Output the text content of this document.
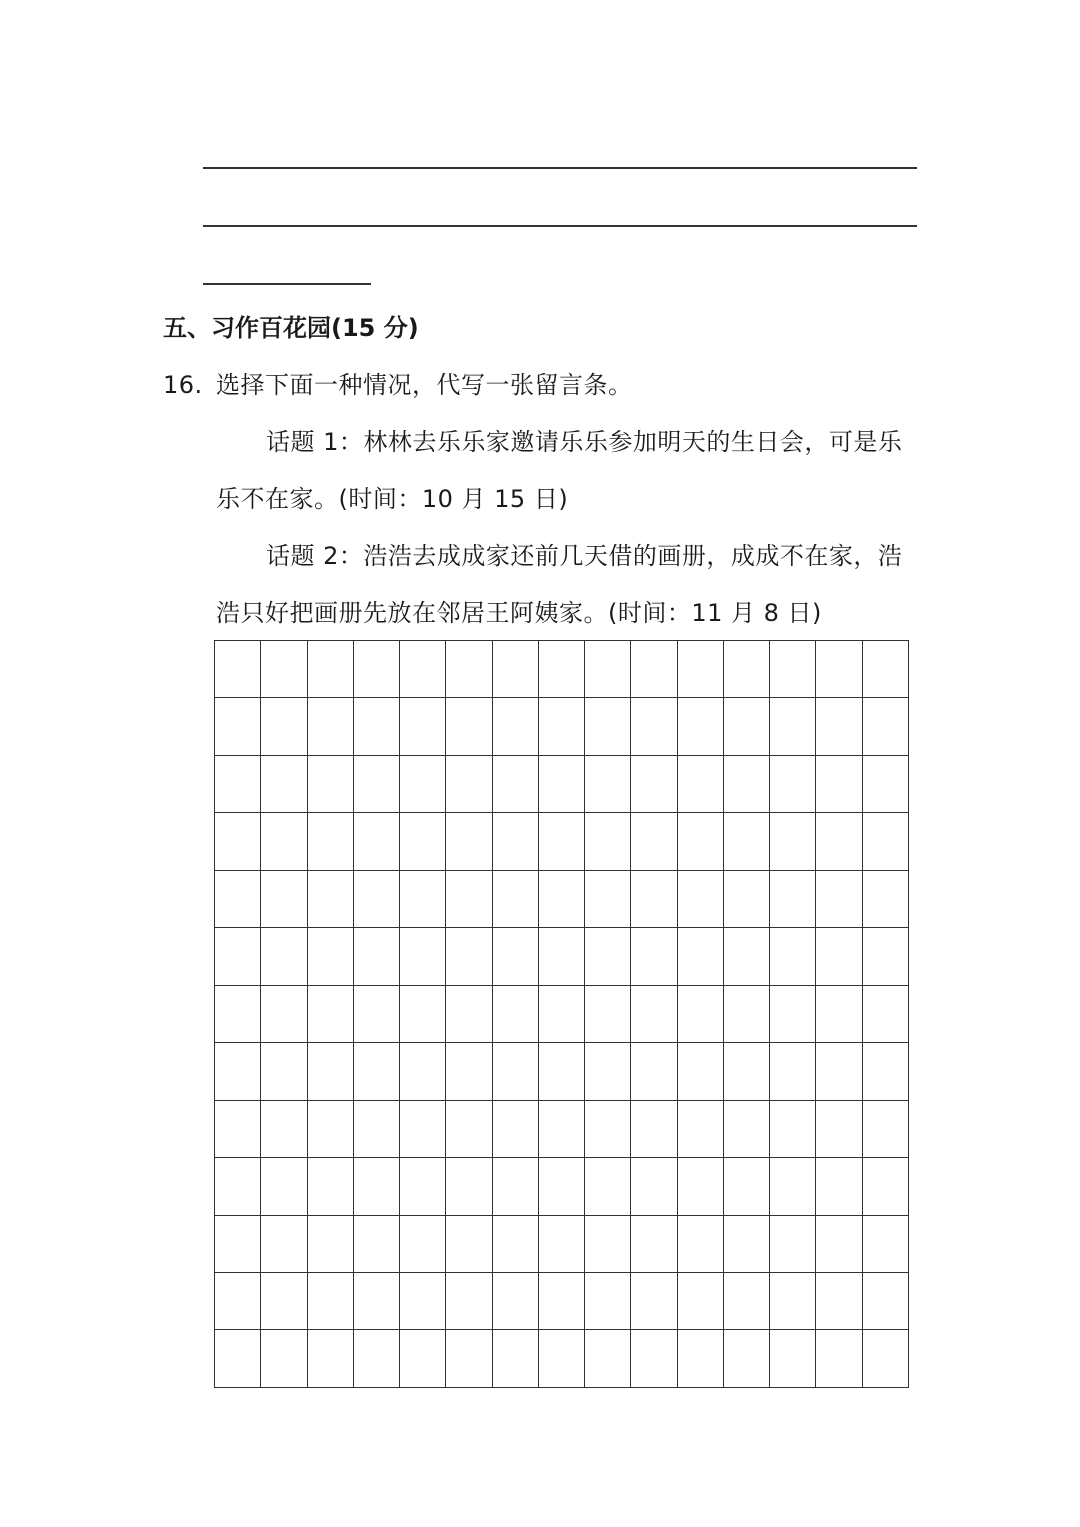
五、习作百花园(15 分)
16. 选择下面一种情况，代写一张留言条。
话题 1：林林去乐乐家邀请乐乐参加明天的生日会，可是乐
乐不在家。(时间：10 月 15 日)
话题 2：浩浩去成成家还前几天借的画册，成成不在家，浩
浩只好把画册先放在邻居王阿姨家。(时间：11 月 8 日)
